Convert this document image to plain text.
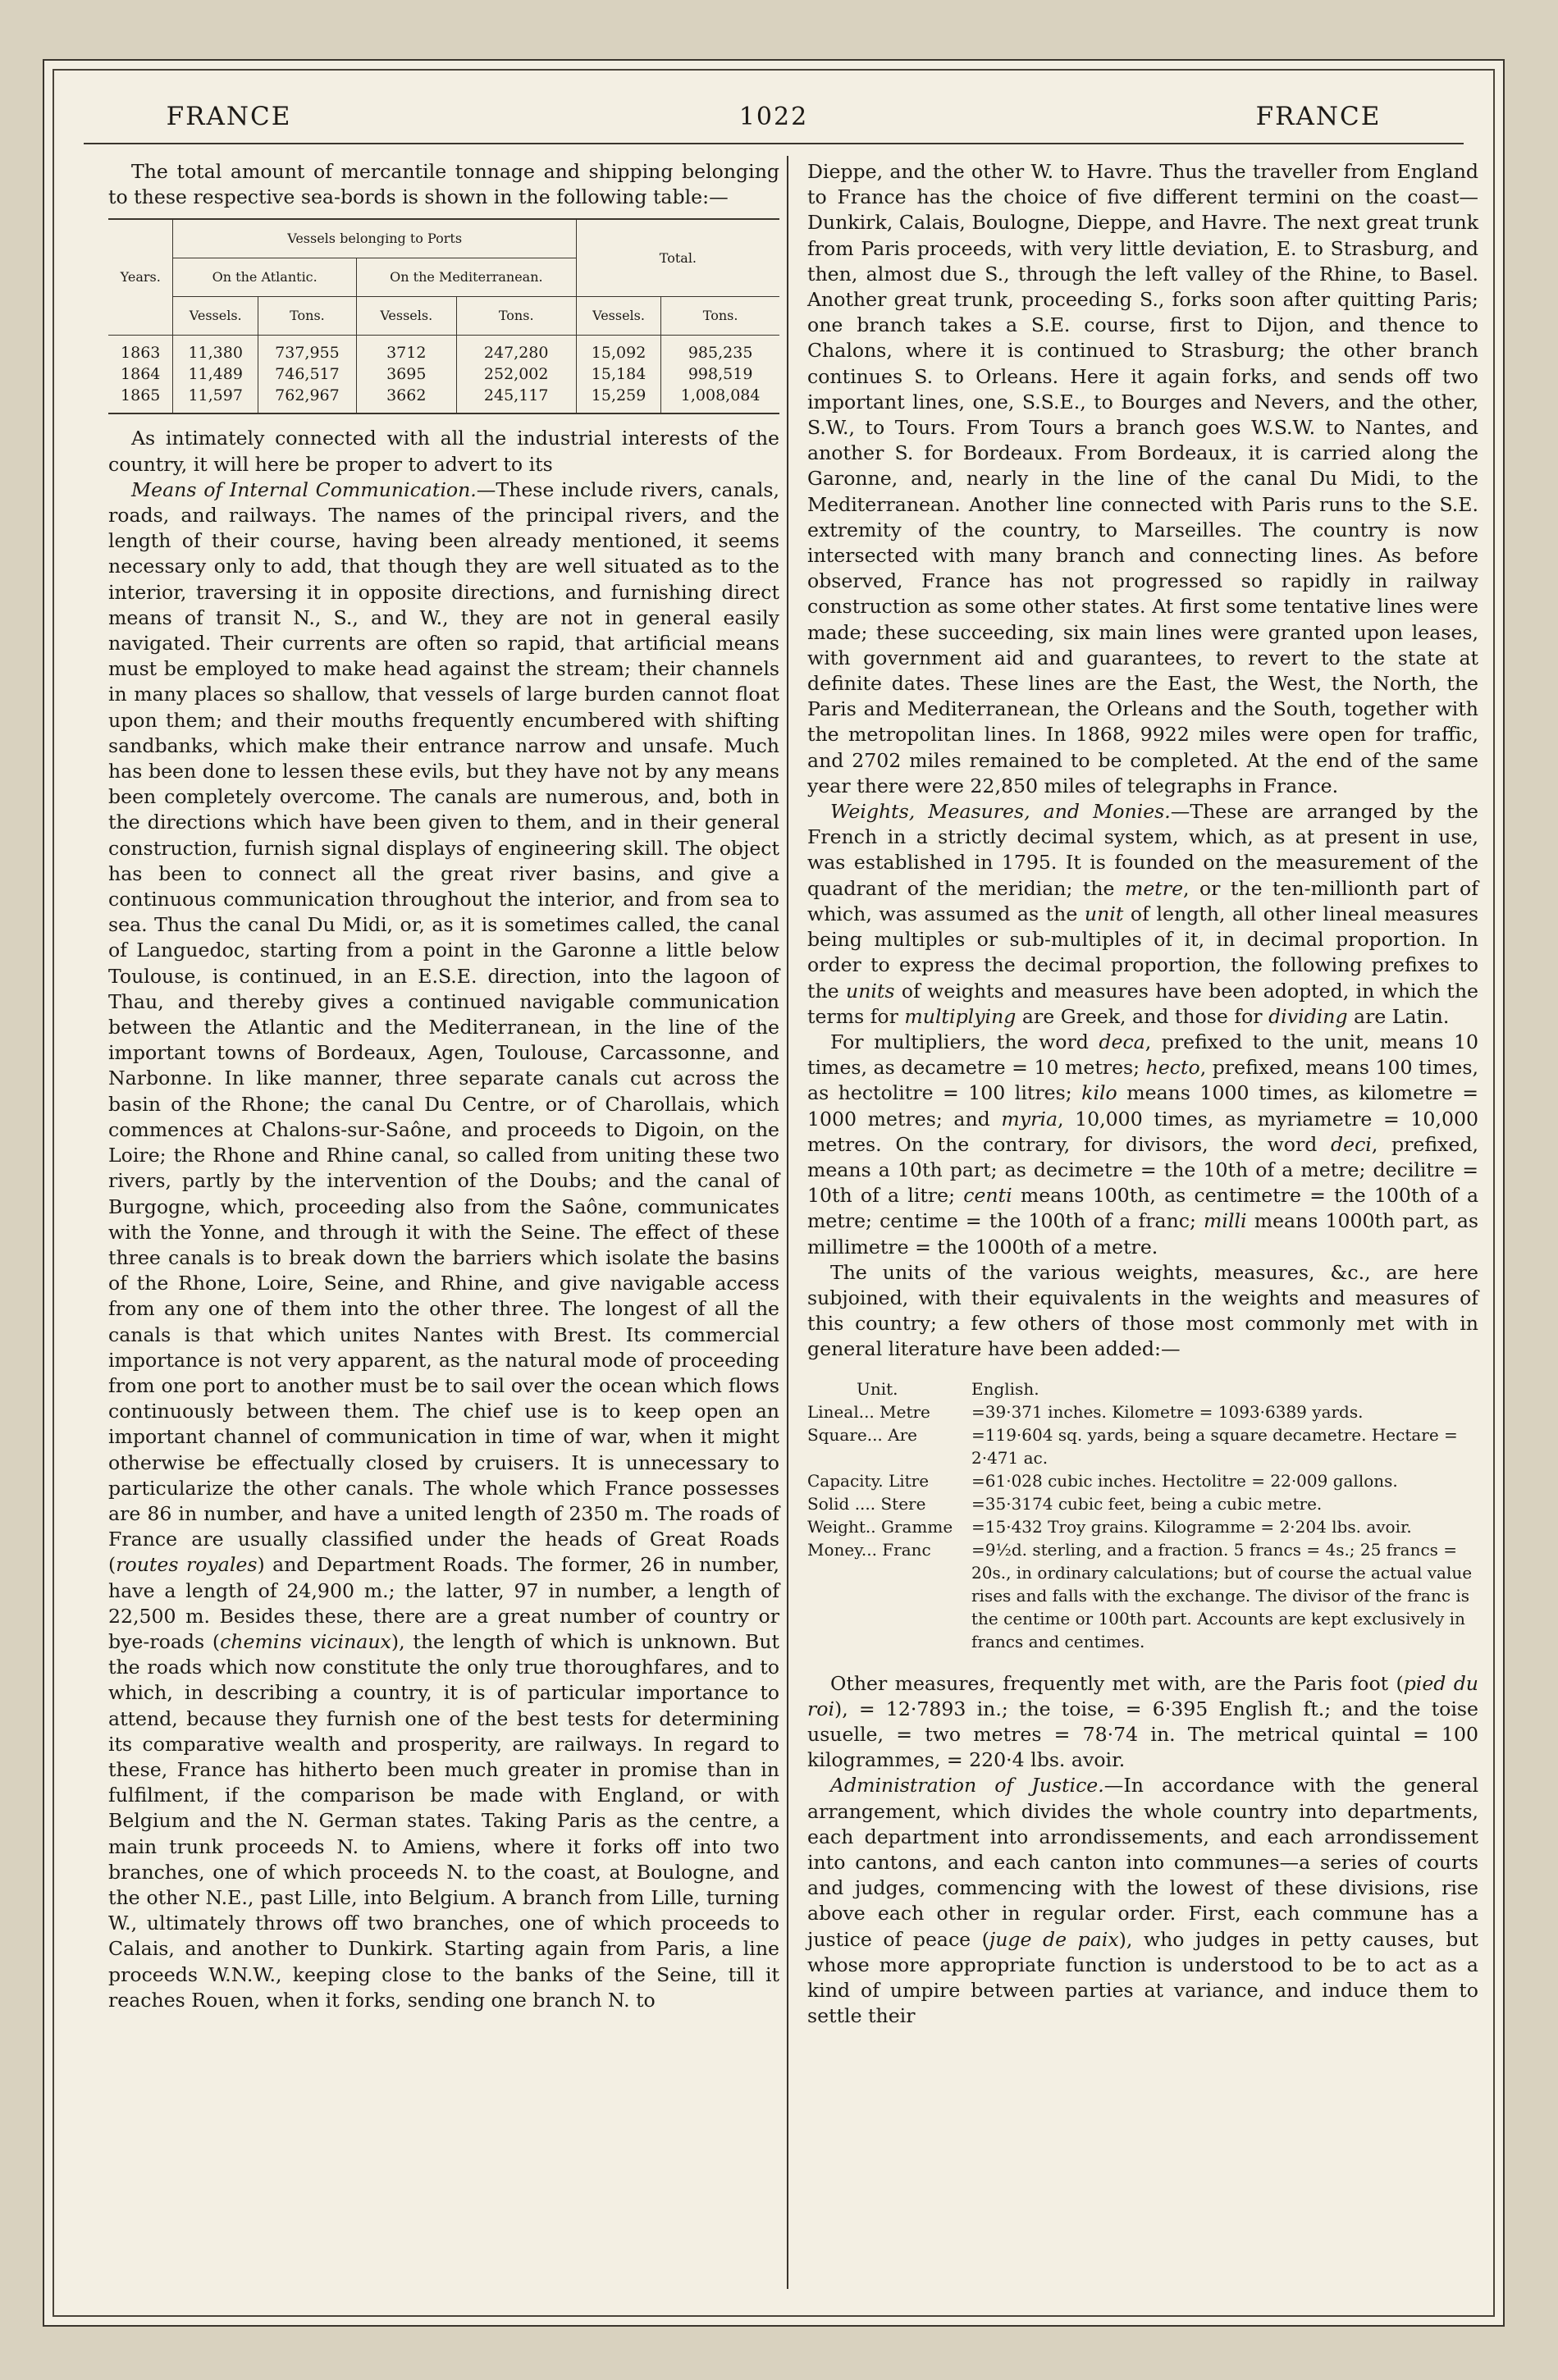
FRANCE	1022	FRANCE

The total amount of mercantile tonnage and shipping belonging to these respective sea-bords is shown in the following table:—

Years.	Vessels belonging to Ports				Total.	
	On the Atlantic.		On the Mediterranean.			
	Vessels.	Tons.	Vessels.	Tons.	Vessels.	Tons.
1863	11,380	737,955	3712	247,280	15,092	985,235
1864	11,489	746,517	3695	252,002	15,184	998,519
1865	11,597	762,967	3662	245,117	15,259	1,008,084

As intimately connected with all the industrial interests of the country, it will here be proper to advert to its

Means of Internal Communication.—These include rivers, canals, roads, and railways. The names of the principal rivers, and the length of their course, having been already mentioned, it seems necessary only to add, that though they are well situated as to the interior, traversing it in opposite directions, and furnishing direct means of transit N., S., and W., they are not in general easily navigated. Their currents are often so rapid, that artificial means must be employed to make head against the stream; their channels in many places so shallow, that vessels of large burden cannot float upon them; and their mouths frequently encumbered with shifting sandbanks, which make their entrance narrow and unsafe. Much has been done to lessen these evils, but they have not by any means been completely overcome. The canals are numerous, and, both in the directions which have been given to them, and in their general construction, furnish signal displays of engineering skill. The object has been to connect all the great river basins, and give a continuous communication throughout the interior, and from sea to sea. Thus the canal Du Midi, or, as it is sometimes called, the canal of Languedoc, starting from a point in the Garonne a little below Toulouse, is continued, in an E.S.E. direction, into the lagoon of Thau, and thereby gives a continued navigable communication between the Atlantic and the Mediterranean, in the line of the important towns of Bordeaux, Agen, Toulouse, Carcassonne, and Narbonne. In like manner, three separate canals cut across the basin of the Rhone; the canal Du Centre, or of Charollais, which commences at Chalons-sur-Saône, and proceeds to Digoin, on the Loire; the Rhone and Rhine canal, so called from uniting these two rivers, partly by the intervention of the Doubs; and the canal of Burgogne, which, proceeding also from the Saône, communicates with the Yonne, and through it with the Seine. The effect of these three canals is to break down the barriers which isolate the basins of the Rhone, Loire, Seine, and Rhine, and give navigable access from any one of them into the other three. The longest of all the canals is that which unites Nantes with Brest. Its commercial importance is not very apparent, as the natural mode of proceeding from one port to another must be to sail over the ocean which flows continuously between them. The chief use is to keep open an important channel of communication in time of war, when it might otherwise be effectually closed by cruisers. It is unnecessary to particularize the other canals. The whole which France possesses are 86 in number, and have a united length of 2350 m. The roads of France are usually classified under the heads of Great Roads (routes royales) and Department Roads. The former, 26 in number, have a length of 24,900 m.; the latter, 97 in number, a length of 22,500 m. Besides these, there are a great number of country or bye-roads (chemins vicinaux), the length of which is unknown. But the roads which now constitute the only true thoroughfares, and to which, in describing a country, it is of particular importance to attend, because they furnish one of the best tests for determining its comparative wealth and prosperity, are railways. In regard to these, France has hitherto been much greater in promise than in fulfilment, if the comparison be made with England, or with Belgium and the N. German states. Taking Paris as the centre, a main trunk proceeds N. to Amiens, where it forks off into two branches, one of which proceeds N. to the coast, at Boulogne, and the other N.E., past Lille, into Belgium. A branch from Lille, turning W., ultimately throws off two branches, one of which proceeds to Calais, and another to Dunkirk. Starting again from Paris, a line proceeds W.N.W., keeping close to the banks of the Seine, till it reaches Rouen, when it forks, sending one branch N. to

Dieppe, and the other W. to Havre. Thus the traveller from England to France has the choice of five different termini on the coast—Dunkirk, Calais, Boulogne, Dieppe, and Havre. The next great trunk from Paris proceeds, with very little deviation, E. to Strasburg, and then, almost due S., through the left valley of the Rhine, to Basel. Another great trunk, proceeding S., forks soon after quitting Paris; one branch takes a S.E. course, first to Dijon, and thence to Chalons, where it is continued to Strasburg; the other branch continues S. to Orleans. Here it again forks, and sends off two important lines, one, S.S.E., to Bourges and Nevers, and the other, S.W., to Tours. From Tours a branch goes W.S.W. to Nantes, and another S. for Bordeaux. From Bordeaux, it is carried along the Garonne, and, nearly in the line of the canal Du Midi, to the Mediterranean. Another line connected with Paris runs to the S.E. extremity of the country, to Marseilles. The country is now intersected with many branch and connecting lines. As before observed, France has not progressed so rapidly in railway construction as some other states. At first some tentative lines were made; these succeeding, six main lines were granted upon leases, with government aid and guarantees, to revert to the state at definite dates. These lines are the East, the West, the North, the Paris and Mediterranean, the Orleans and the South, together with the metropolitan lines. In 1868, 9922 miles were open for traffic, and 2702 miles remained to be completed. At the end of the same year there were 22,850 miles of telegraphs in France.

Weights, Measures, and Monies.—These are arranged by the French in a strictly decimal system, which, as at present in use, was established in 1795. It is founded on the measurement of the quadrant of the meridian; the metre, or the ten-millionth part of which, was assumed as the unit of length, all other lineal measures being multiples or sub-multiples of it, in decimal proportion. In order to express the decimal proportion, the following prefixes to the units of weights and measures have been adopted, in which the terms for multiplying are Greek, and those for dividing are Latin.

For multipliers, the word deca, prefixed to the unit, means 10 times, as decametre = 10 metres; hecto, prefixed, means 100 times, as hectolitre = 100 litres; kilo means 1000 times, as kilometre = 1000 metres; and myria, 10,000 times, as myriametre = 10,000 metres. On the contrary, for divisors, the word deci, prefixed, means a 10th part; as decimetre = the 10th of a metre; decilitre = 10th of a litre; centi means 100th, as centimetre = the 100th of a metre; centime = the 100th of a franc; milli means 1000th part, as millimetre = the 1000th of a metre.

The units of the various weights, measures, &c., are here subjoined, with their equivalents in the weights and measures of this country; a few others of those most commonly met with in general literature have been added:—

Unit.	English.
Lineal... Metre	=39·371 inches. Kilometre = 1093·6389 yards.
Square... Are	=119·604 sq. yards, being a square decametre. Hectare = 2·471 ac.
Capacity. Litre	=61·028 cubic inches. Hectolitre = 22·009 gallons.
Solid .... Stere	=35·3174 cubic feet, being a cubic metre.
Weight.. Gramme	=15·432 Troy grains. Kilogramme = 2·204 lbs. avoir.
Money... Franc	=9½d. sterling, and a fraction. 5 francs = 4s.; 25 francs = 20s., in ordinary calculations; but of course the actual value rises and falls with the exchange. The divisor of the franc is the centime or 100th part. Accounts are kept exclusively in francs and centimes.

Other measures, frequently met with, are the Paris foot (pied du roi), = 12·7893 in.; the toise, = 6·395 English ft.; and the toise usuelle, = two metres = 78·74 in. The metrical quintal = 100 kilogrammes, = 220·4 lbs. avoir.

Administration of Justice.—In accordance with the general arrangement, which divides the whole country into departments, each department into arrondissements, and each arrondissement into cantons, and each canton into communes—a series of courts and judges, commencing with the lowest of these divisions, rise above each other in regular order. First, each commune has a justice of peace (juge de paix), who judges in petty causes, but whose more appropriate function is understood to be to act as a kind of umpire between parties at variance, and induce them to settle their
